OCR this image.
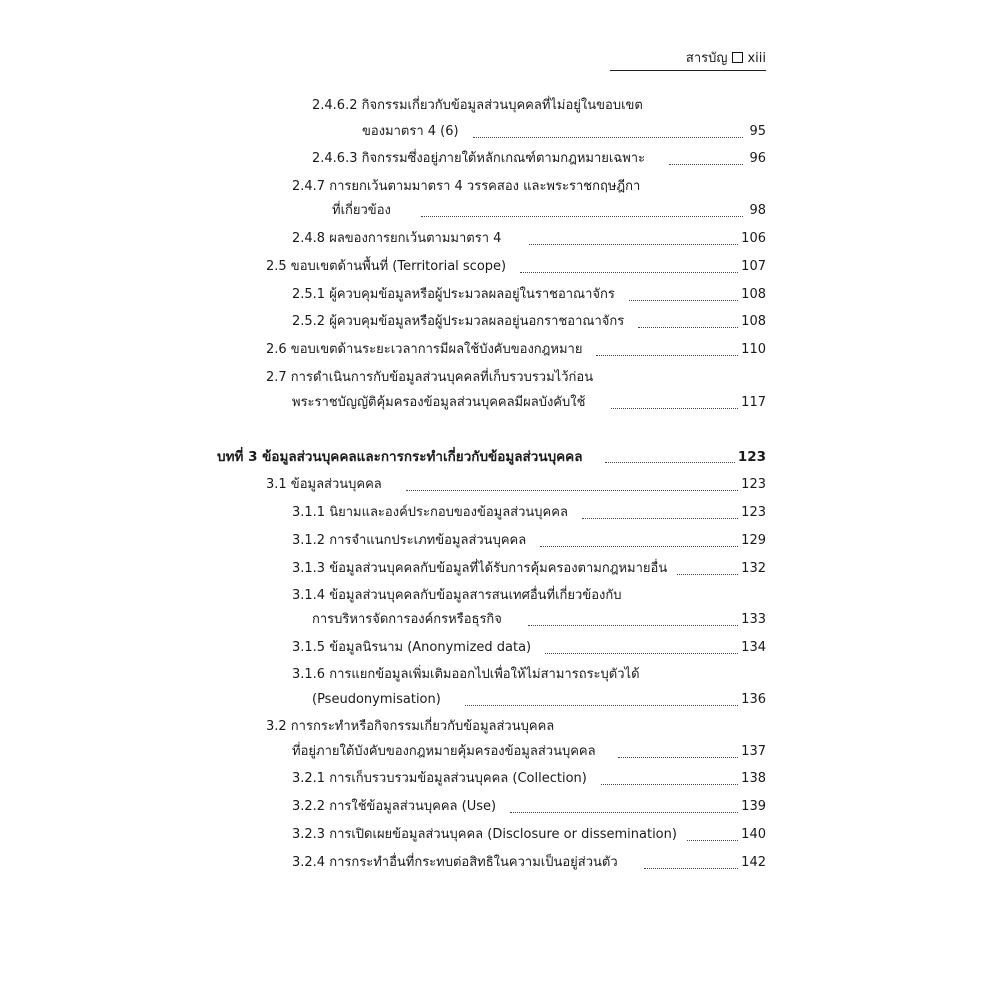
สารบัญ xiii
2.4.6.2 กิจกรรมเกี่ยวกับข้อมูลส่วนบุคคลที่ไม่อยู่ในขอบเขต
ของมาตรา 4 (6)	95
2.4.6.3 กิจกรรมซึ่งอยู่ภายใต้หลักเกณฑ์ตามกฎหมายเฉพาะ	96
2.4.7 การยกเว้นตามมาตรา 4 วรรคสอง และพระราชกฤษฎีกา
ที่เกี่ยวข้อง	98
2.4.8 ผลของการยกเว้นตามมาตรา 4	106
2.5 ขอบเขตด้านพื้นที่ (Territorial scope)	107
2.5.1 ผู้ควบคุมข้อมูลหรือผู้ประมวลผลอยู่ในราชอาณาจักร	108
2.5.2 ผู้ควบคุมข้อมูลหรือผู้ประมวลผลอยู่นอกราชอาณาจักร	108
2.6 ขอบเขตด้านระยะเวลาการมีผลใช้บังคับของกฎหมาย	110
2.7 การดำเนินการกับข้อมูลส่วนบุคคลที่เก็บรวบรวมไว้ก่อน
พระราชบัญญัติคุ้มครองข้อมูลส่วนบุคคลมีผลบังคับใช้	117
บทที่ 3 ข้อมูลส่วนบุคคลและการกระทำเกี่ยวกับข้อมูลส่วนบุคคล	123
3.1 ข้อมูลส่วนบุคคล	123
3.1.1 นิยามและองค์ประกอบของข้อมูลส่วนบุคคล	123
3.1.2 การจำแนกประเภทข้อมูลส่วนบุคคล	129
3.1.3 ข้อมูลส่วนบุคคลกับข้อมูลที่ได้รับการคุ้มครองตามกฎหมายอื่น	132
3.1.4 ข้อมูลส่วนบุคคลกับข้อมูลสารสนเทศอื่นที่เกี่ยวข้องกับ
การบริหารจัดการองค์กรหรือธุรกิจ	133
3.1.5 ข้อมูลนิรนาม (Anonymized data)	134
3.1.6 การแยกข้อมูลเพิ่มเติมออกไปเพื่อให้ไม่สามารถระบุตัวได้
(Pseudonymisation)	136
3.2 การกระทำหรือกิจกรรมเกี่ยวกับข้อมูลส่วนบุคคล
ที่อยู่ภายใต้บังคับของกฎหมายคุ้มครองข้อมูลส่วนบุคคล	137
3.2.1 การเก็บรวบรวมข้อมูลส่วนบุคคล (Collection)	138
3.2.2 การใช้ข้อมูลส่วนบุคคล (Use)	139
3.2.3 การเปิดเผยข้อมูลส่วนบุคคล (Disclosure or dissemination)	140
3.2.4 การกระทำอื่นที่กระทบต่อสิทธิในความเป็นอยู่ส่วนตัว	142
